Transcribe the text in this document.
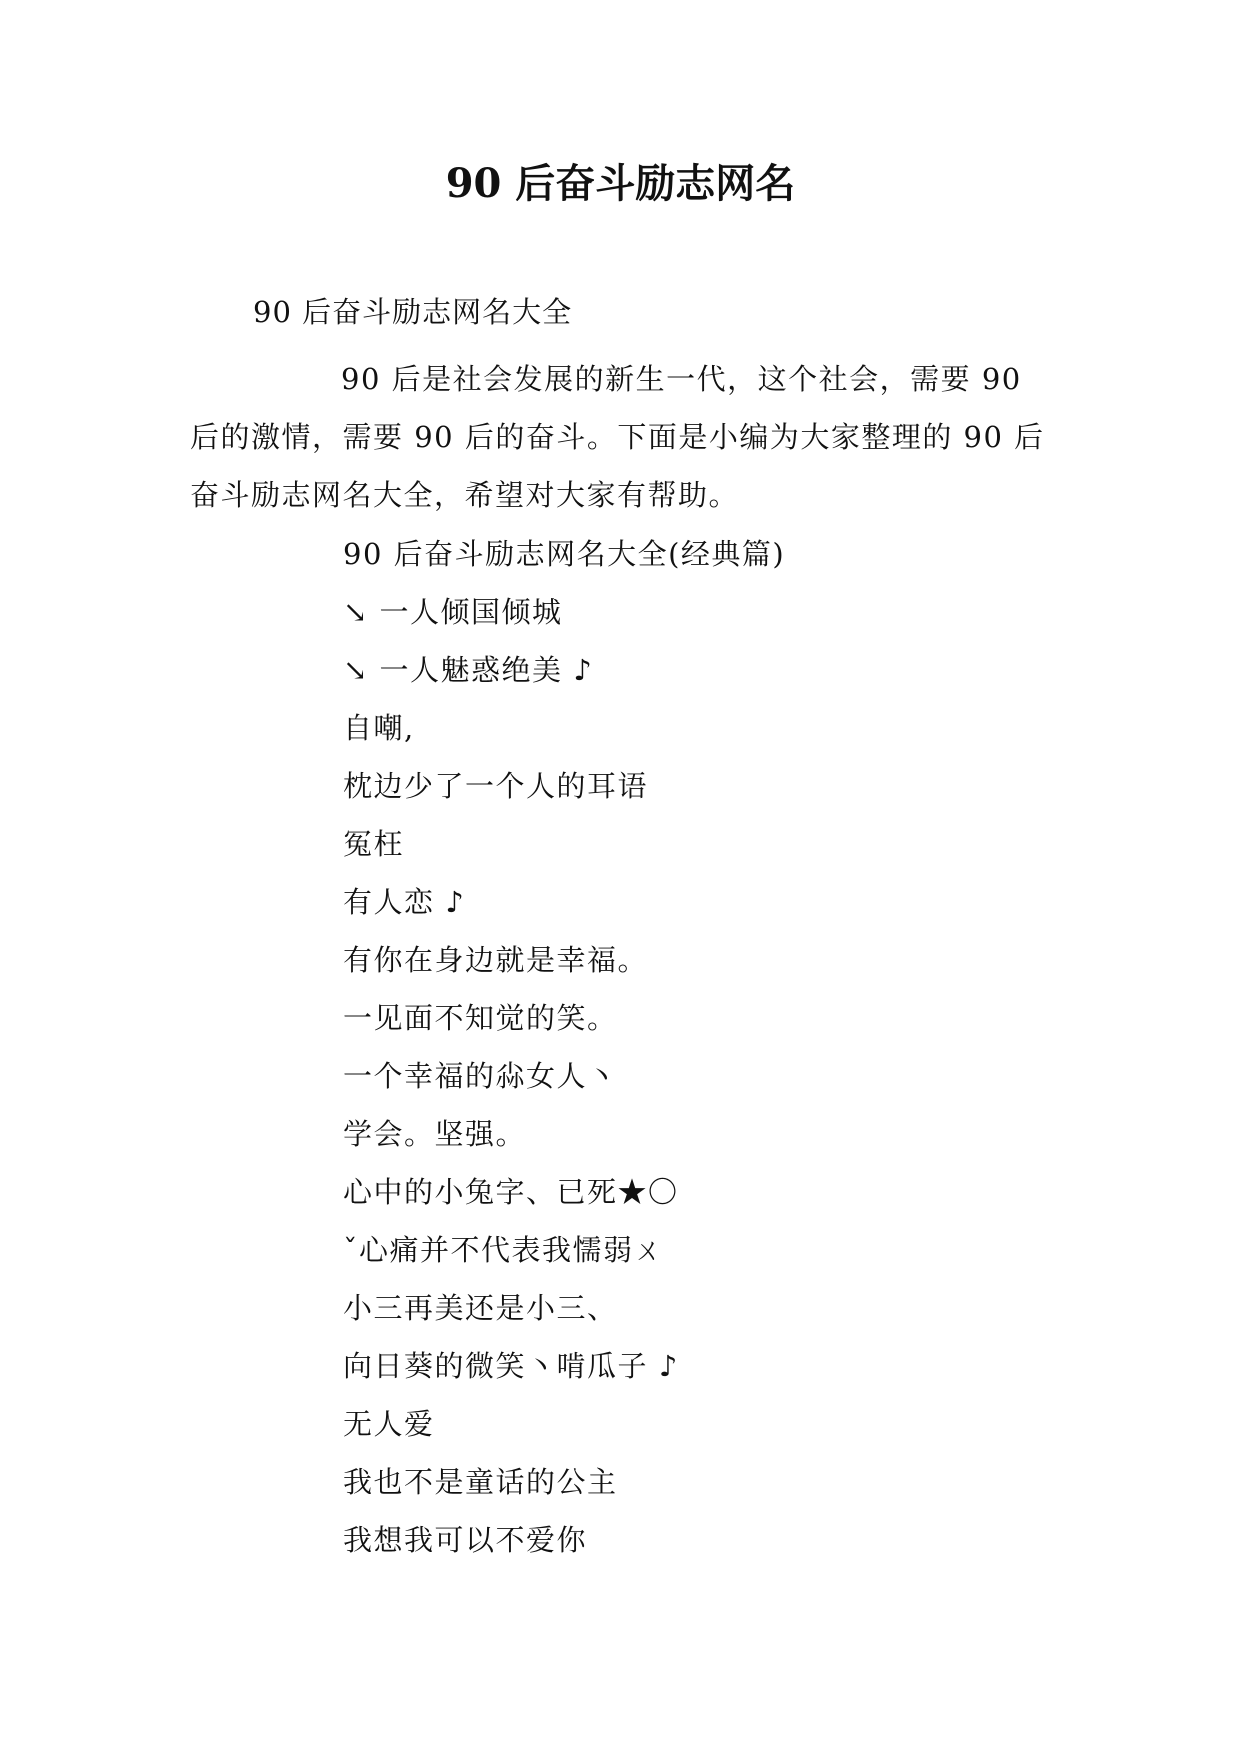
90 后奋斗励志网名

90 后奋斗励志网名大全

90 后是社会发展的新生一代，这个社会，需要 90 后的激情，需要 90 后的奋斗。下面是小编为大家整理的 90 后奋斗励志网名大全，希望对大家有帮助。

90 后奋斗励志网名大全(经典篇)
↘ 一人倾国倾城
↘ 一人魅惑绝美 ♪
自嘲,
枕边少了一个人的耳语
冤枉
有人恋 ♪
有你在身边就是幸福。
一见面不知觉的笑。
一个幸福的尛女人丶
学会。坚强。
心中的小兔字、已死★〇
ˇ心痛并不代表我懦弱ㄨ
小三再美还是小三、
向日葵的微笑丶啃瓜子 ♪
无人爱
我也不是童话的公主
我想我可以不爱你
